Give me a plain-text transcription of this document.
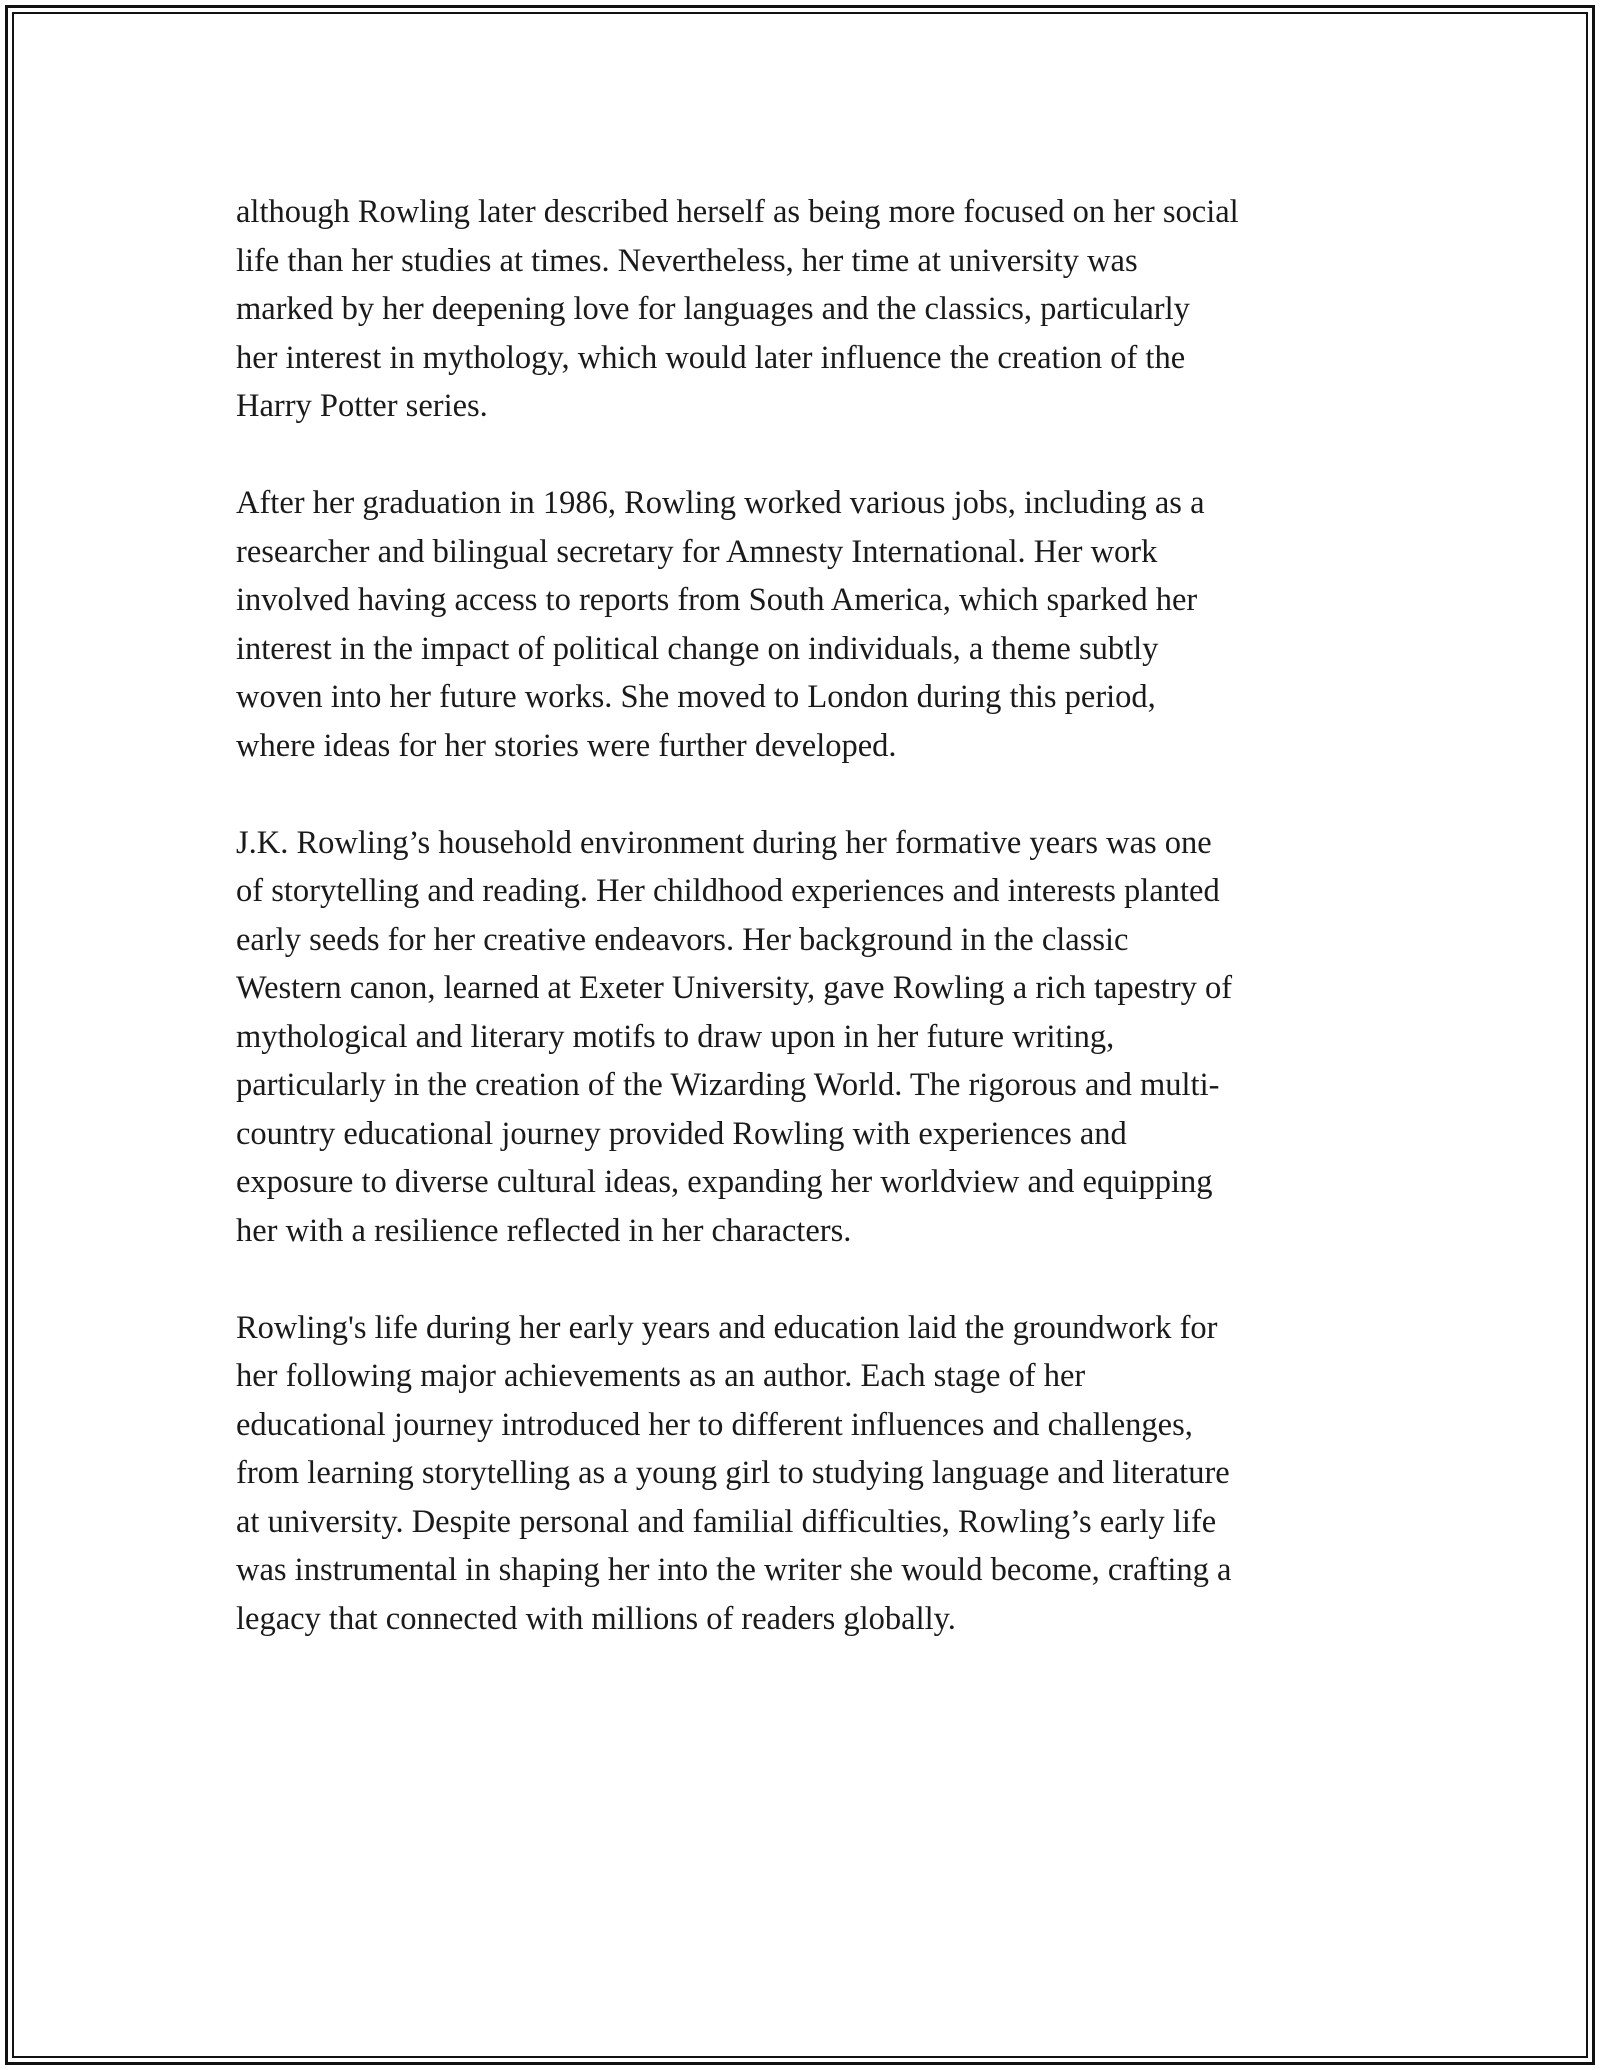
although Rowling later described herself as being more focused on her social
life than her studies at times. Nevertheless, her time at university was
marked by her deepening love for languages and the classics, particularly
her interest in mythology, which would later influence the creation of the
Harry Potter series.

After her graduation in 1986, Rowling worked various jobs, including as a
researcher and bilingual secretary for Amnesty International. Her work
involved having access to reports from South America, which sparked her
interest in the impact of political change on individuals, a theme subtly
woven into her future works. She moved to London during this period,
where ideas for her stories were further developed.

J.K. Rowling’s household environment during her formative years was one
of storytelling and reading. Her childhood experiences and interests planted
early seeds for her creative endeavors. Her background in the classic
Western canon, learned at Exeter University, gave Rowling a rich tapestry of
mythological and literary motifs to draw upon in her future writing,
particularly in the creation of the Wizarding World. The rigorous and multi-
country educational journey provided Rowling with experiences and
exposure to diverse cultural ideas, expanding her worldview and equipping
her with a resilience reflected in her characters.

Rowling's life during her early years and education laid the groundwork for
her following major achievements as an author. Each stage of her
educational journey introduced her to different influences and challenges,
from learning storytelling as a young girl to studying language and literature
at university. Despite personal and familial difficulties, Rowling’s early life
was instrumental in shaping her into the writer she would become, crafting a
legacy that connected with millions of readers globally.
